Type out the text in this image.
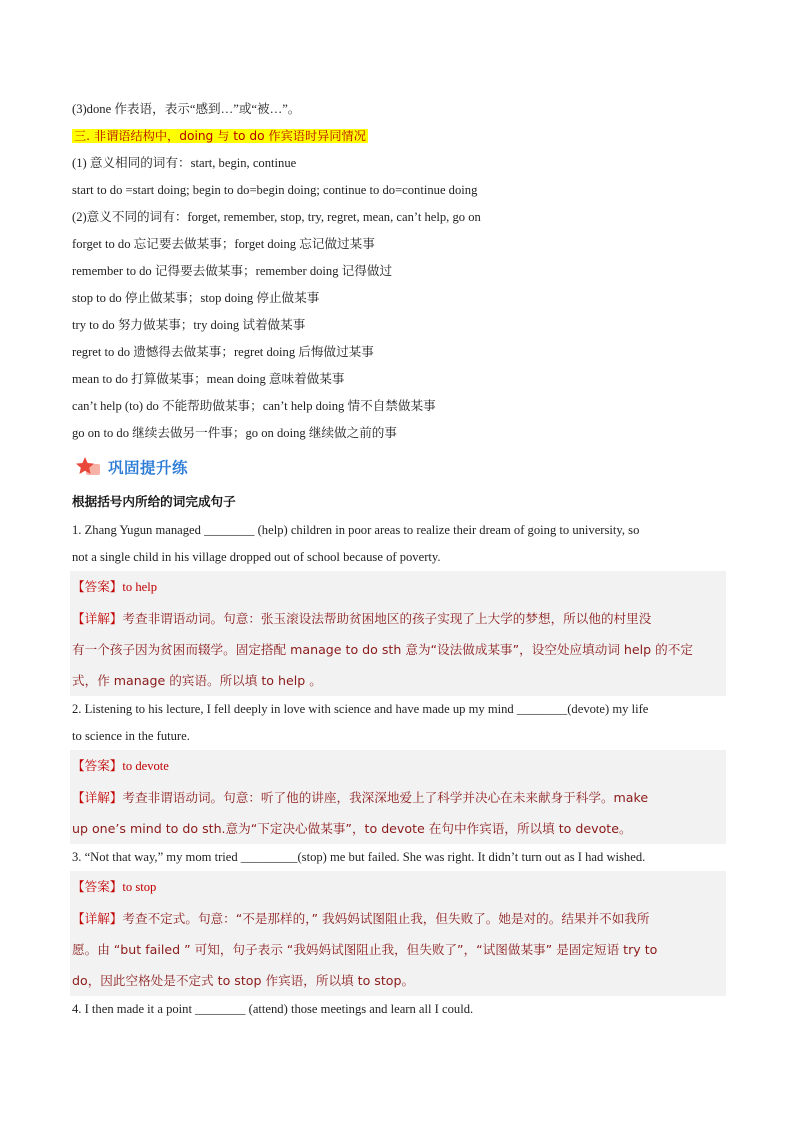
(3)done 作表语，表示“感到…”或“被…”。
三. 非谓语结构中，doing 与 to do 作宾语时异同情况
(1) 意义相同的词有：start, begin, continue
start to do =start doing; begin to do=begin doing; continue to do=continue doing
(2)意义不同的词有：forget, remember, stop, try, regret, mean, can’t help, go on
forget to do 忘记要去做某事；forget doing 忘记做过某事
remember to do 记得要去做某事；remember doing 记得做过
stop to do 停止做某事；stop doing 停止做某事
try to do 努力做某事；try doing 试着做某事
regret to do 遗憾得去做某事；regret doing 后悔做过某事
mean to do 打算做某事；mean doing 意味着做某事
can’t help (to) do 不能帮助做某事；can’t help doing 情不自禁做某事
go on to do 继续去做另一件事；go on doing 继续做之前的事
巩固提升练
根据括号内所给的词完成句子
1. Zhang Yugun managed ________ (help) children in poor areas to realize their dream of going to university, so
not a single child in his village dropped out of school because of poverty.
【答案】to help
【详解】考查非谓语动词。句意：张玉滚设法帮助贫困地区的孩子实现了上大学的梦想，所以他的村里没
有一个孩子因为贫困而辍学。固定搭配 manage to do sth 意为“设法做成某事”，设空处应填动词 help 的不定
式，作 manage 的宾语。所以填 to help 。
2. Listening to his lecture, I fell deeply in love with science and have made up my mind ________(devote) my life
to science in the future.
【答案】to devote
【详解】考查非谓语动词。句意：听了他的讲座，我深深地爱上了科学并决心在未来献身于科学。make
up one’s mind to do sth.意为“下定决心做某事”，to devote 在句中作宾语，所以填 to devote。
3. “Not that way,” my mom tried _________(stop) me but failed. She was right. It didn’t turn out as I had wished.
【答案】to stop
【详解】考查不定式。句意：“不是那样的，” 我妈妈试图阻止我，但失败了。她是对的。结果并不如我所
愿。由 “but failed ” 可知，句子表示 “我妈妈试图阻止我，但失败了”，“试图做某事” 是固定短语 try to
do，因此空格处是不定式 to stop 作宾语，所以填 to stop。
4. I then made it a point ________ (attend) those meetings and learn all I could.
